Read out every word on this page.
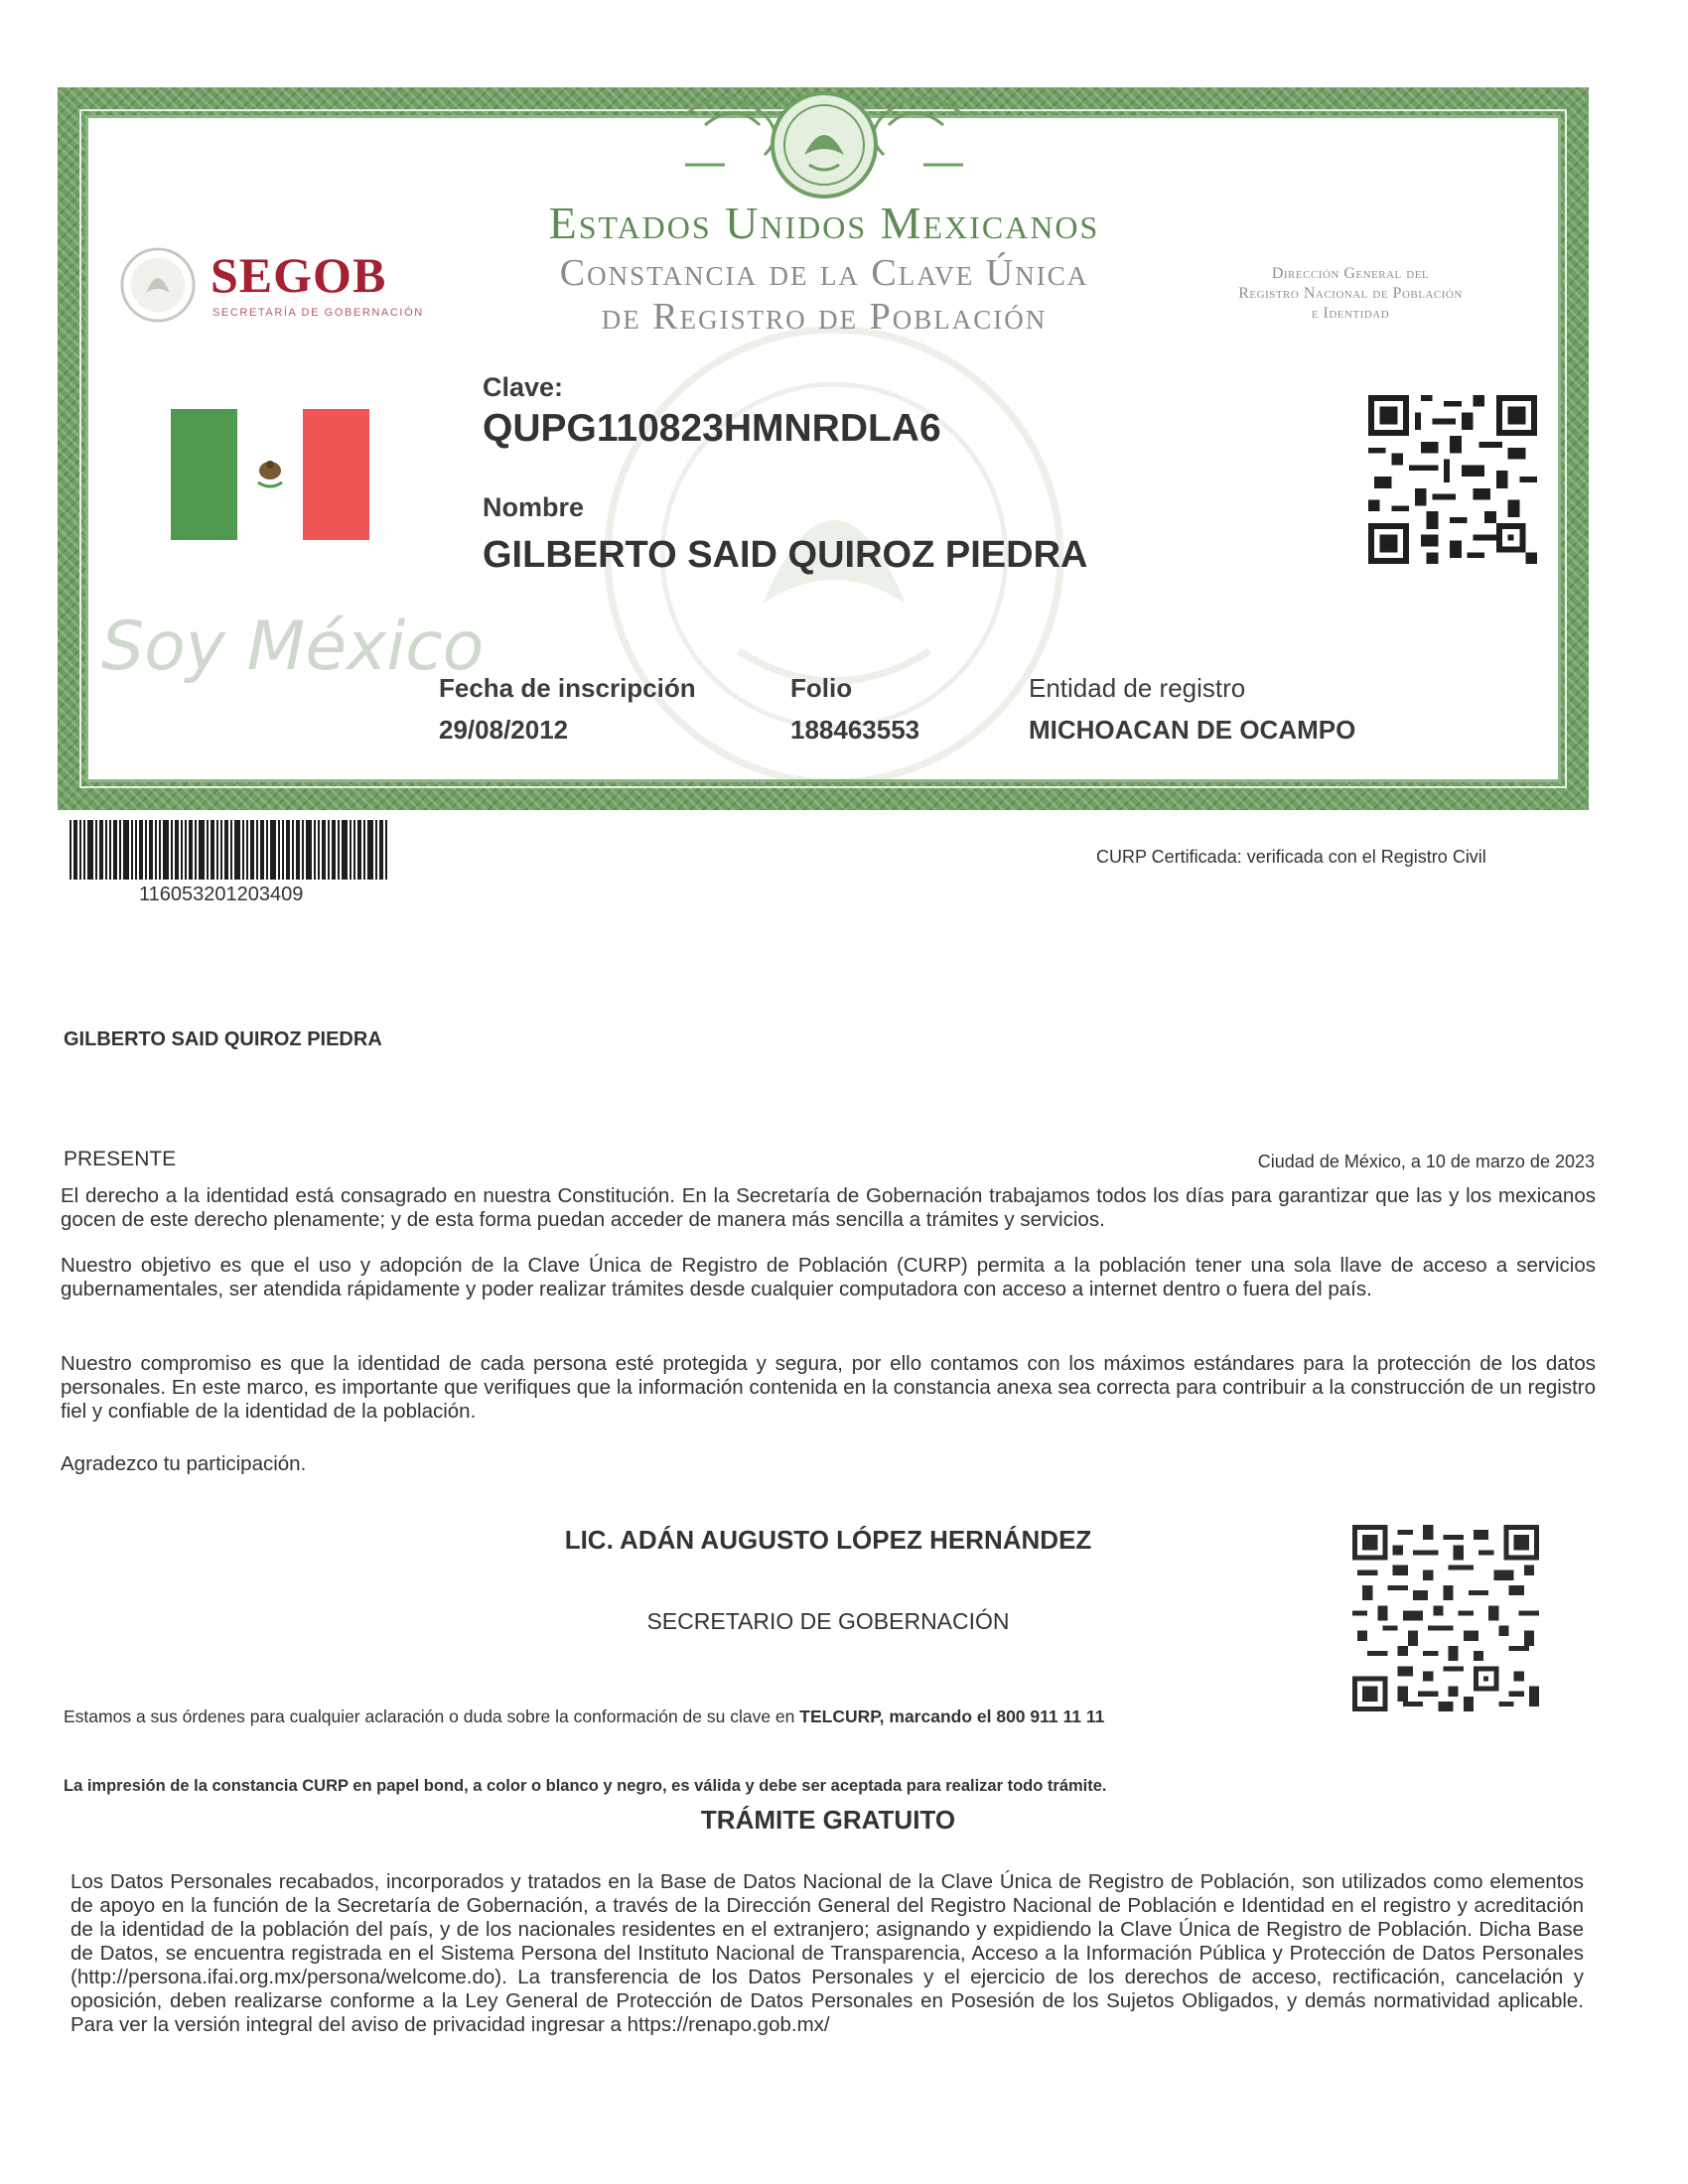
Estados Unidos Mexicanos
Constancia de la Clave Única
de Registro de Población
Dirección General del
Registro Nacional de Población
e Identidad
SEGOB
SECRETARÍA DE GOBERNACIÓN
Soy México
Clave:
QUPG110823HMNRDLA6
Nombre
GILBERTO SAID QUIROZ PIEDRA
Fecha de inscripción
29/08/2012
Folio
188463553
Entidad de registro
MICHOACAN DE OCAMPO
116053201203409
CURP Certificada: verificada con el Registro Civil
GILBERTO SAID QUIROZ PIEDRA
PRESENTE	Ciudad de México, a 10 de marzo de 2023
El derecho a la identidad está consagrado en nuestra Constitución. En la Secretaría de Gobernación trabajamos todos los días para garantizar que las y los mexicanos gocen de este derecho plenamente; y de esta forma puedan acceder de manera más sencilla a trámites y servicios.
Nuestro objetivo es que el uso y adopción de la Clave Única de Registro de Población (CURP) permita a la población tener una sola llave de acceso a servicios gubernamentales, ser atendida rápidamente y poder realizar trámites desde cualquier computadora con acceso a internet dentro o fuera del país.
Nuestro compromiso es que la identidad de cada persona esté protegida y segura, por ello contamos con los máximos estándares para la protección de los datos personales. En este marco, es importante que verifiques que la información contenida en la constancia anexa sea correcta para contribuir a la construcción de un registro fiel y confiable de la identidad de la población.
Agradezco tu participación.
LIC. ADÁN AUGUSTO LÓPEZ HERNÁNDEZ
SECRETARIO DE GOBERNACIÓN
Estamos a sus órdenes para cualquier aclaración o duda sobre la conformación de su clave en TELCURP, marcando el 800 911 11 11
La impresión de la constancia CURP en papel bond, a color o blanco y negro, es válida y debe ser aceptada para realizar todo trámite.
TRÁMITE GRATUITO
Los Datos Personales recabados, incorporados y tratados en la Base de Datos Nacional de la Clave Única de Registro de Población, son utilizados como elementos de apoyo en la función de la Secretaría de Gobernación, a través de la Dirección General del Registro Nacional de Población e Identidad en el registro y acreditación de la identidad de la población del país, y de los nacionales residentes en el extranjero; asignando y expidiendo la Clave Única de Registro de Población. Dicha Base de Datos, se encuentra registrada en el Sistema Persona del Instituto Nacional de Transparencia, Acceso a la Información Pública y Protección de Datos Personales (http://persona.ifai.org.mx/persona/welcome.do). La transferencia de los Datos Personales y el ejercicio de los derechos de acceso, rectificación, cancelación y oposición, deben realizarse conforme a la Ley General de Protección de Datos Personales en Posesión de los Sujetos Obligados, y demás normatividad aplicable. Para ver la versión integral del aviso de privacidad ingresar a https://renapo.gob.mx/
